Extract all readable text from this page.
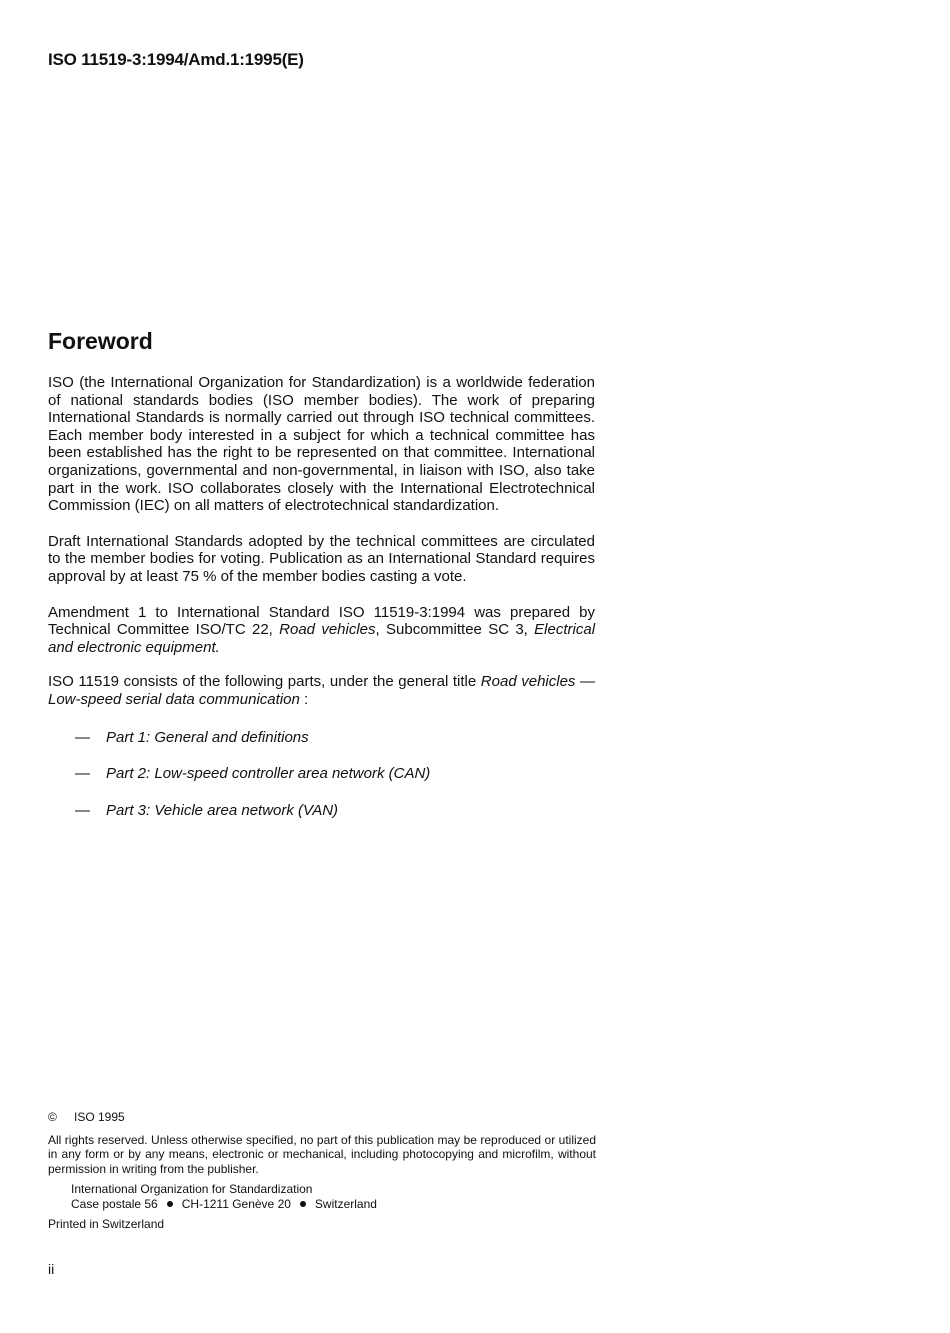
ISO 11519-3:1994/Amd.1:1995(E)
Foreword

ISO (the International Organization for Standardization) is a worldwide federation of national standards bodies (ISO member bodies). The work of preparing International Standards is normally carried out through ISO technical committees. Each member body interested in a subject for which a technical committee has been established has the right to be represented on that committee. International organizations, governmental and non-governmental, in liaison with ISO, also take part in the work. ISO collaborates closely with the International Electrotechnical Commission (IEC) on all matters of electrotechnical standardization.

Draft International Standards adopted by the technical committees are circulated to the member bodies for voting. Publication as an International Standard requires approval by at least 75 % of the member bodies casting a vote.

Amendment 1 to International Standard ISO 11519-3:1994 was prepared by Technical Committee ISO/TC 22, Road vehicles, Subcommittee SC 3, Electrical and electronic equipment.

ISO 11519 consists of the following parts, under the general title Road vehicles — Low-speed serial data communication :

— Part 1: General and definitions
— Part 2: Low-speed controller area network (CAN)
— Part 3: Vehicle area network (VAN)

© ISO 1995

All rights reserved. Unless otherwise specified, no part of this publication may be reproduced or utilized in any form or by any means, electronic or mechanical, including photocopying and microfilm, without permission in writing from the publisher.

International Organization for Standardization
Case postale 56 CH-1211 Genève 20 Switzerland

Printed in Switzerland

ii
